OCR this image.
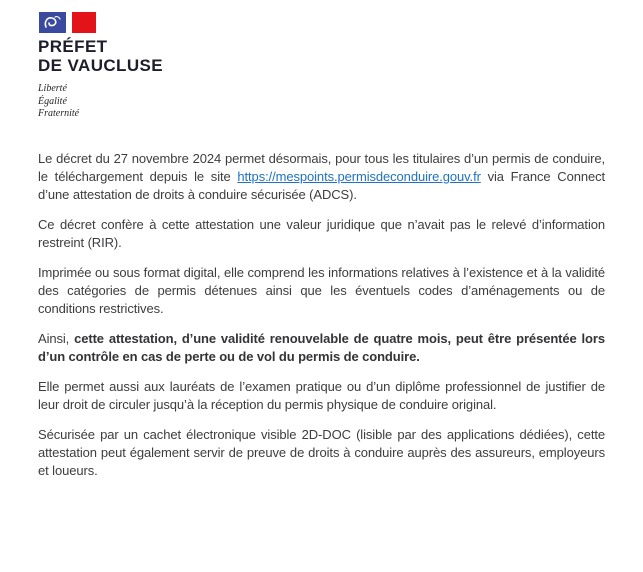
PRÉFET
DE VAUCLUSE
Liberté
Égalité
Fraternité

Le décret du 27 novembre 2024 permet désormais, pour tous les titulaires d’un permis de conduire, le téléchargement depuis le site https://mespoints.permisdeconduire.gouv.fr via France Connect d’une attestation de droits à conduire sécurisée (ADCS).

Ce décret confère à cette attestation une valeur juridique que n’avait pas le relevé d’information restreint (RIR).

Imprimée ou sous format digital, elle comprend les informations relatives à l’existence et à la validité des catégories de permis détenues ainsi que les éventuels codes d’aménagements ou de conditions restrictives.

Ainsi, cette attestation, d’une validité renouvelable de quatre mois, peut être présentée lors d’un contrôle en cas de perte ou de vol du permis de conduire.

Elle permet aussi aux lauréats de l’examen pratique ou d’un diplôme professionnel de justifier de leur droit de circuler jusqu’à la réception du permis physique de conduire original.

Sécurisée par un cachet électronique visible 2D-DOC (lisible par des applications dédiées), cette attestation peut également servir de preuve de droits à conduire auprès des assureurs, employeurs et loueurs.
